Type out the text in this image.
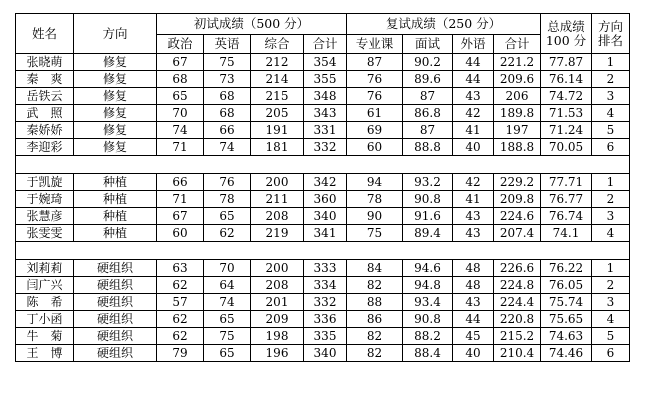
姓名	方向	初试成绩（500 分）				复试成绩（250 分）				总成绩
100 分	方向
排名
		政治	英语	综合	合计	专业课	面试	外语	合计		
张晓萌	修复	67	75	212	354	87	90.2	44	221.2	77.87	1
秦　爽	修复	68	73	214	355	76	89.6	44	209.6	76.14	2
岳铁云	修复	65	68	215	348	76	87	43	206	74.72	3
武　照	修复	70	68	205	343	61	86.8	42	189.8	71.53	4
秦娇娇	修复	74	66	191	331	69	87	41	197	71.24	5
李迎彩	修复	71	74	181	332	60	88.8	40	188.8	70.05	6

于凯旋	种植	66	76	200	342	94	93.2	42	229.2	77.71	1
于婉琦	种植	71	78	211	360	78	90.8	41	209.8	76.77	2
张慧彦	种植	67	65	208	340	90	91.6	43	224.6	76.74	3
张雯雯	种植	60	62	219	341	75	89.4	43	207.4	74.1	4

刘莉莉	硬组织	63	70	200	333	84	94.6	48	226.6	76.22	1
闫广兴	硬组织	62	64	208	334	82	94.8	48	224.8	76.05	2
陈　希	硬组织	57	74	201	332	88	93.4	43	224.4	75.74	3
丁小函	硬组织	62	65	209	336	86	90.8	44	220.8	75.65	4
牛　菊	硬组织	62	75	198	335	82	88.2	45	215.2	74.63	5
王　博	硬组织	79	65	196	340	82	88.4	40	210.4	74.46	6
